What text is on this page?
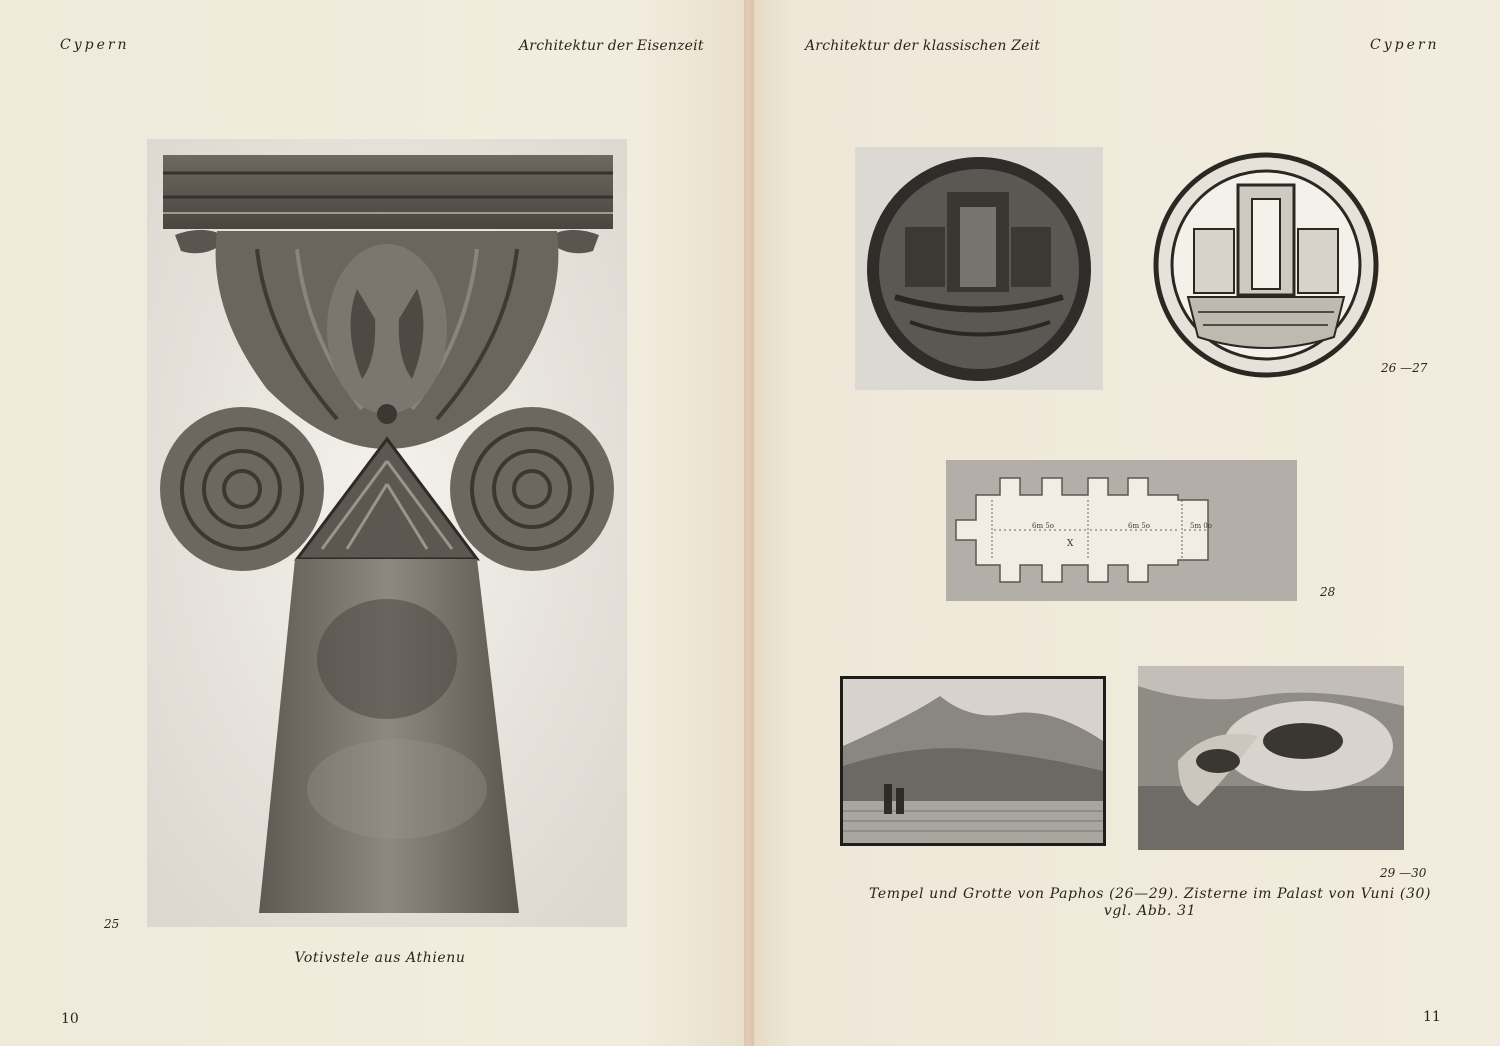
Cypern	Architektur der Eisenzeit
25
Votivstele aus Athienu
10
Architektur der klassischen Zeit	Cypern
26 —27
6m 5o	6m 5o	5m 0o
X
28
29 —30
Tempel und Grotte von Paphos (26—29). Zisterne im Palast von Vuni (30)
vgl. Abb. 31
11
